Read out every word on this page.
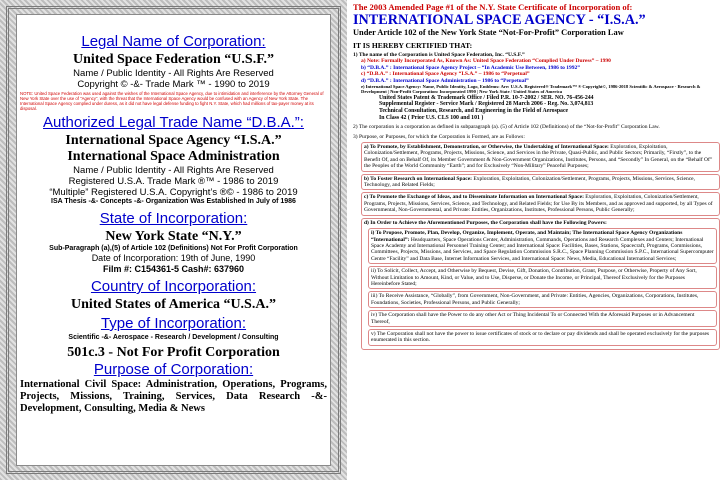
Legal Name of Corporation:
United Space Federation “U.S.F.”
Name / Public Identity - All Rights Are Reserved
Copyright © -&- Trade Mark ™ - 1990 to 2019
NOTE: United Space Federation was used against the wishes of the International Space Agency, due to intimidation and interference by the Attorney General of New York State over the use of “Agency”, with the threat that the International Space Agency would be confused with an Agency of New York State. The International Space Agency complied under duress, as it did not have legal defense funding to fight N.Y. State, which had millions of tax-payer money at its disposal.
Authorized Legal Trade Name “D.B.A.”:
International Space Agency “I.S.A.”
International Space Administration
Name / Public Identity - All Rights Are Reserved
Registered U.S.A. Trade Mark ®™ - 1986 to 2019
“Multiple” Registered U.S.A. Copyright’s ®© - 1986 to 2019
ISA Thesis -&- Concepts -&- Organization Was Established In July of 1986
State of Incorporation:
New York State “N.Y.”
Sub-Paragraph (a),(5) of Article 102 (Definitions) Not For Profit Corporation
Date of Incorporation: 19th of June, 1990
Film #: C154361-5 Cash#: 637960
Country of Incorporation:
United States of America “U.S.A.”
Type of Incorporation:
Scientific -&- Aerospace - Research / Development / Consulting
501c.3 - Not For Profit Corporation
Purpose of Corporation:
International Civil Space: Administration, Operations, Programs, Projects, Missions, Training, Services, Data Research -&- Development, Consulting, Media & News
The 2003 Amended Page #1 of the N.Y. State Certificate of Incorporation of:
INTERNATIONAL SPACE AGENCY - “I.S.A.”
Under Article 102 of the New York State “Not-For-Profit” Corporation Law
IT IS HEREBY CERTIFIED THAT:
1) The name of the Corporation is United Space Federation, Inc. “U.S.F.”
a) Note: Formally Incorporated As, Known As: United Space Federation “Complied Under Duress” – 1990
b) “D.B.A.” : International Space Agency Project – “In Academic Use Between, 1986 to 1992”
c) “D.B.A.” : International Space Agency “I.S.A.” – 1986 to “Perpetual”
d) “D.B.A.” : International Space Administration – 1986 to “Perpetual”
e) International Space Agency: Name, Public Identity, Logo, Emblems: Are: U.S.A. Registered® Trademark™ ® Copyright©, 1986-2018 Scientific & Aerospace - Research & Development | Non-Profit Corporation: Incorporated 1990 | New York State / United States of America
United States Patent & Trademark Office / Filed P.R. 10-7-2002 / SER. NO. 76-456-244
Supplemental Register - Service Mark / Registered 28 March 2006 - Reg. No. 3,074,813
Technical Consultation, Research, and Engineering in the Field of Aerospace
In Class 42 ( Prior U.S. CLS 100 and 101 )
2) The corporation is a corporation as defined in subparagraph (a). (5) of Article 102 (Definitions) of the “Not-for-Profit” Corporation Law.
3) Purpose, or Purposes, for which the Corporation is Formed, are as Follows:
a) To Promote, by Establishment, Demonstration, or Otherwise, the Undertaking of International Space: Exploration, Exploitation, Colonization/Settlement, Programs, Projects, Missions, Science, and Services in the Private, Quasi-Public, and Public Sectors; Primarily, “Firstly”, to the Benefit Of, and on Behalf Of, its Member Government & Non-Government Organizations, Institutes, Persons, and “Secondly” In General, on the “Behalf Of” the Peoples of the World Community “Earth”; and for Exclusively “Non-Military” Peaceful Purposes;
b) To Foster Research on International Space: Exploration, Exploitation, Colonization/Settlement, Programs, Projects, Missions, Services, Science, Technology, and Related Fields;
c) To Promote the Exchange of Ideas, and to Disseminate Information on International Space: Exploration, Exploitation, Colonization/Settlement, Programs, Projects, Missions, Services, Science, and Technology, and Related Fields; for Use By its Members, and as approved and supported, by all Types of Governmental, Non-Governmental, and Private: Entities, Organizations, Institutes, Professional Persons, Public Generally;
d) In Order to Achieve the Aforementioned Purposes, the Corporation shall have the Following Powers:
i) To Propose, Promote, Plan, Develop, Organize, Implement, Operate, and Maintain; The International Space Agency Organizations “International”: Headquarters, Space Operations Center, Administration, Commands, Operations and Research Complexes and Centers; International Space Academy and International Personnel Training Center; and International Space: Facilities, Bases, Stations, Spacecraft, Programs, Commissions, Committees, Projects, Missions, and Services, and Space Regulation Commission S.R.C., Space Planning Commission S.P.C., International Supercomputer Centre “Facility” and Data Base, Internet Information Services, and International Space: News, Media, Educational International Services;
ii) To Solicit, Collect, Accept, and Otherwise by Bequest, Devise, Gift, Donation, Contribution, Grant, Purpose, or Otherwise, Property of Any Sort, Without Limitation to Amount, Kind, or Value, and to Use, Disperse, or Donate the Income, or Principal, Thereof Exclusively for the Purposes Hereinbefore Stated;
iii) To Receive Assistance, “Globally”, from Government, Non-Government, and Private: Entities, Agencies, Organizations, Corporations, Institutes, Foundations, Societies, Professional Persons, and Public Generally;
iv) The Corporation shall have the Power to do any other Act or Thing Incidental To or Connected With the Aforesaid Purposes or in Advancement Thereof,
v) The Corporation shall not have the power to issue certificates of stock or to declare or pay dividends and shall be operated exclusively for the purposes enumerated in this section.
